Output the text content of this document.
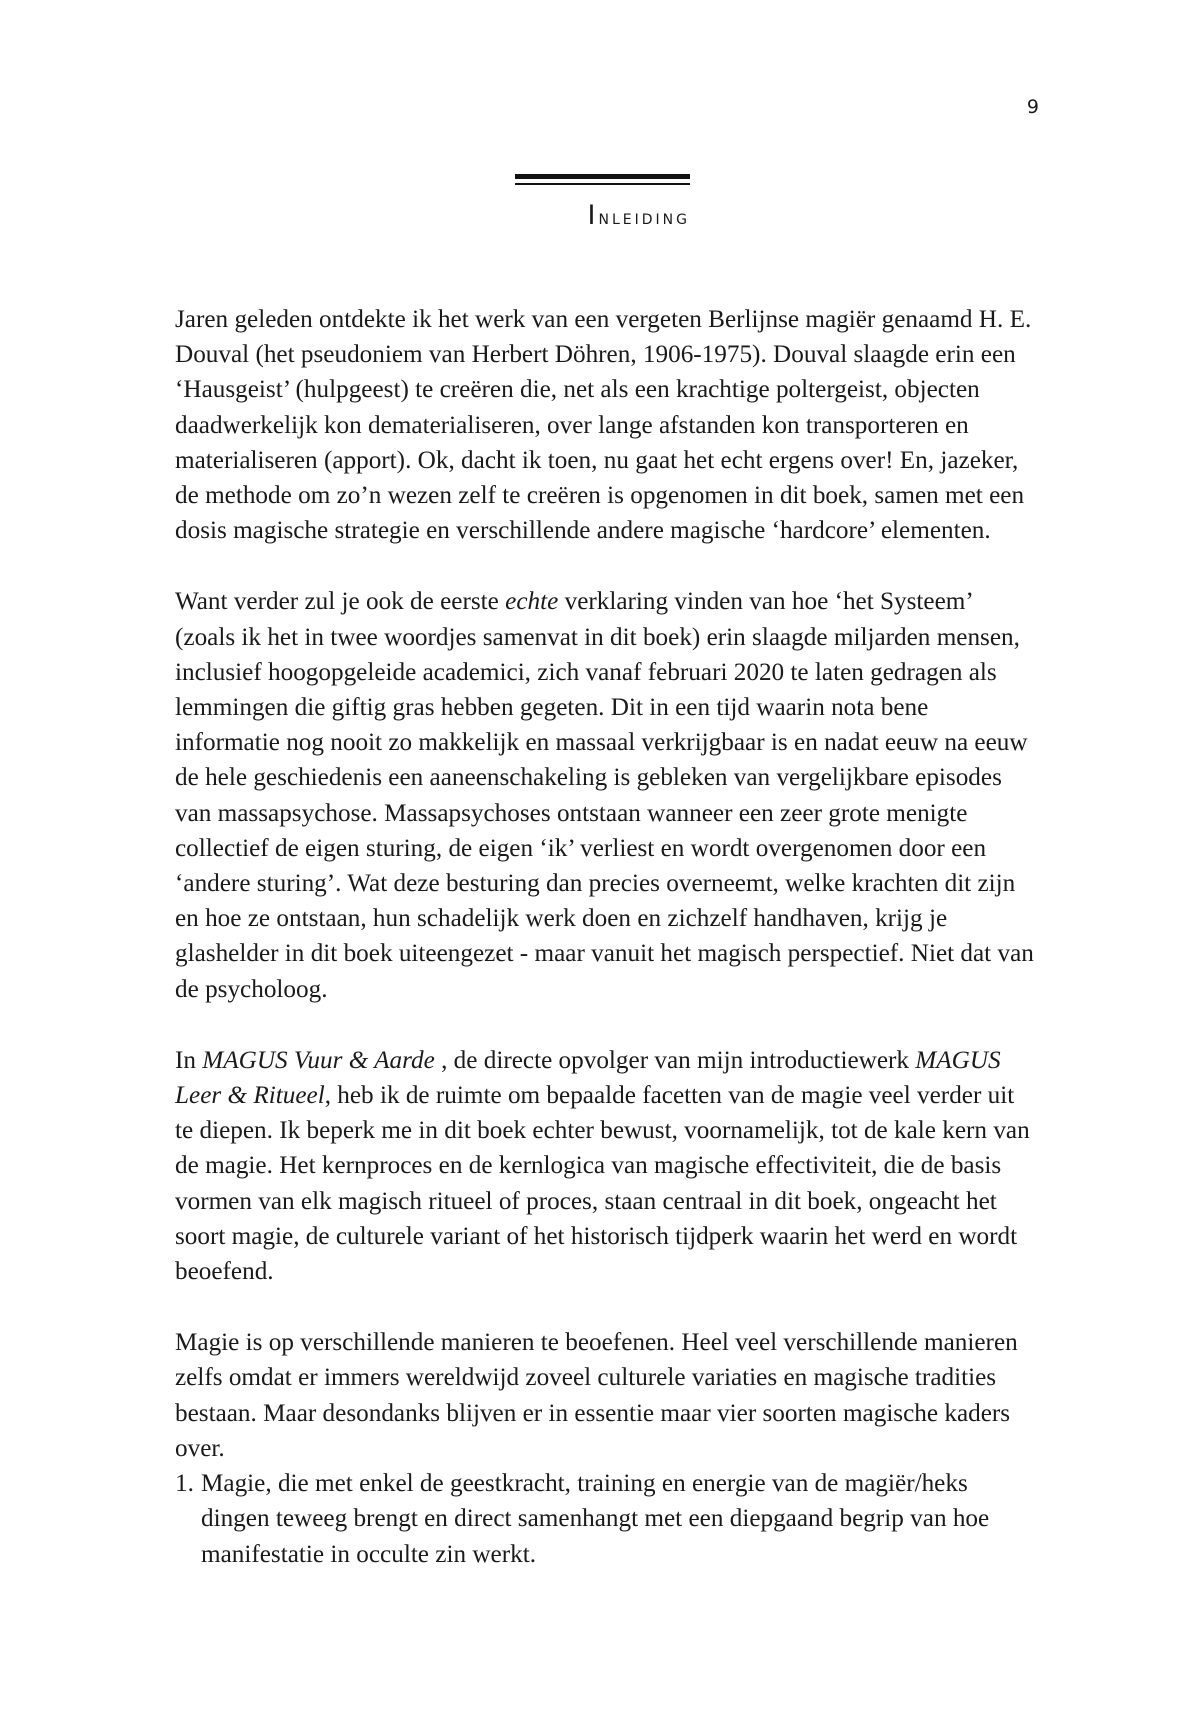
9
Inleiding

Jaren geleden ontdekte ik het werk van een vergeten Berlijnse magiër genaamd H. E. Douval (het pseudoniem van Herbert Döhren, 1906-1975). Douval slaagde erin een ‘Hausgeist’ (hulpgeest) te creëren die, net als een krachtige poltergeist, objecten daadwerkelijk kon dematerialiseren, over lange afstanden kon transporteren en materialiseren (apport). Ok, dacht ik toen, nu gaat het echt ergens over! En, jazeker, de methode om zo’n wezen zelf te creëren is opgenomen in dit boek, samen met een dosis magische strategie en verschillende andere magische ‘hardcore’ elementen.

Want verder zul je ook de eerste echte verklaring vinden van hoe ‘het Systeem’ (zoals ik het in twee woordjes samenvat in dit boek) erin slaagde miljarden mensen, inclusief hoogopgeleide academici, zich vanaf februari 2020 te laten gedragen als lemmingen die giftig gras hebben gegeten. Dit in een tijd waarin nota bene informatie nog nooit zo makkelijk en massaal verkrijgbaar is en nadat eeuw na eeuw de hele geschiedenis een aaneenschakeling is gebleken van vergelijkbare episodes van massapsychose. Massapsychoses ontstaan wanneer een zeer grote menigte collectief de eigen sturing, de eigen ‘ik’ verliest en wordt overgenomen door een ‘andere sturing’. Wat deze besturing dan precies overneemt, welke krachten dit zijn en hoe ze ontstaan, hun schadelijk werk doen en zichzelf handhaven, krijg je glashelder in dit boek uiteengezet - maar vanuit het magisch perspectief. Niet dat van de psycholoog.

In MAGUS Vuur & Aarde , de directe opvolger van mijn introductiewerk MAGUS Leer & Ritueel, heb ik de ruimte om bepaalde facetten van de magie veel verder uit te diepen. Ik beperk me in dit boek echter bewust, voornamelijk, tot de kale kern van de magie. Het kernproces en de kernlogica van magische effectiviteit, die de basis vormen van elk magisch ritueel of proces, staan centraal in dit boek, ongeacht het soort magie, de culturele variant of het historisch tijdperk waarin het werd en wordt beoefend.

Magie is op verschillende manieren te beoefenen. Heel veel verschillende manieren zelfs omdat er immers wereldwijd zoveel culturele variaties en magische tradities bestaan. Maar desondanks blijven er in essentie maar vier soorten magische kaders over.

1. Magie, die met enkel de geestkracht, training en energie van de magiër/heks dingen teweeg brengt en direct samenhangt met een diepgaand begrip van hoe manifestatie in occulte zin werkt.
